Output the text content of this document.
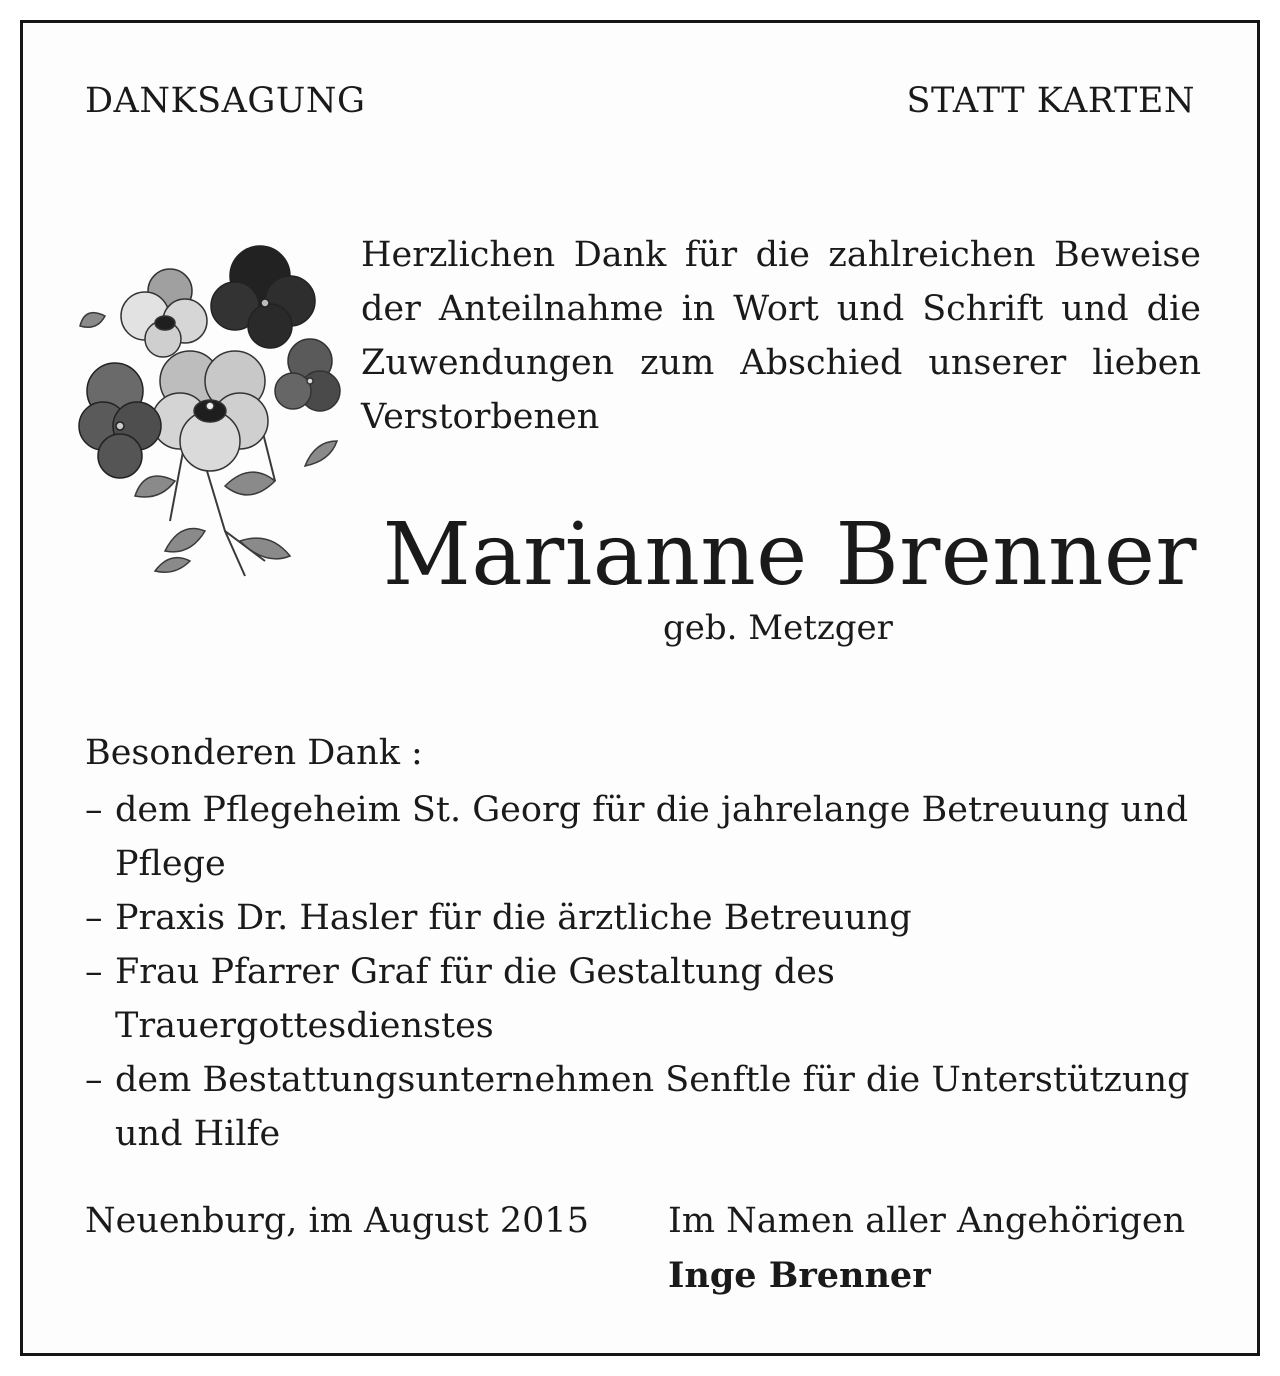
DANKSAGUNG	STATT KARTEN
Herzlichen Dank für die zahlreichen Beweise der Anteilnahme in Wort und Schrift und die Zuwendungen zum Abschied unserer lieben Verstorbenen
Marianne Brenner
geb. Metzger
Besonderen Dank :
– dem Pflegeheim St. Georg für die jahrelange Betreuung und Pflege
– Praxis Dr. Hasler für die ärztliche Betreuung
– Frau Pfarrer Graf für die Gestaltung des Trauergottesdienstes
– dem Bestattungsunternehmen Senftle für die Unterstützung und Hilfe
Neuenburg, im August 2015 Im Namen aller Angehörigen
Inge Brenner
